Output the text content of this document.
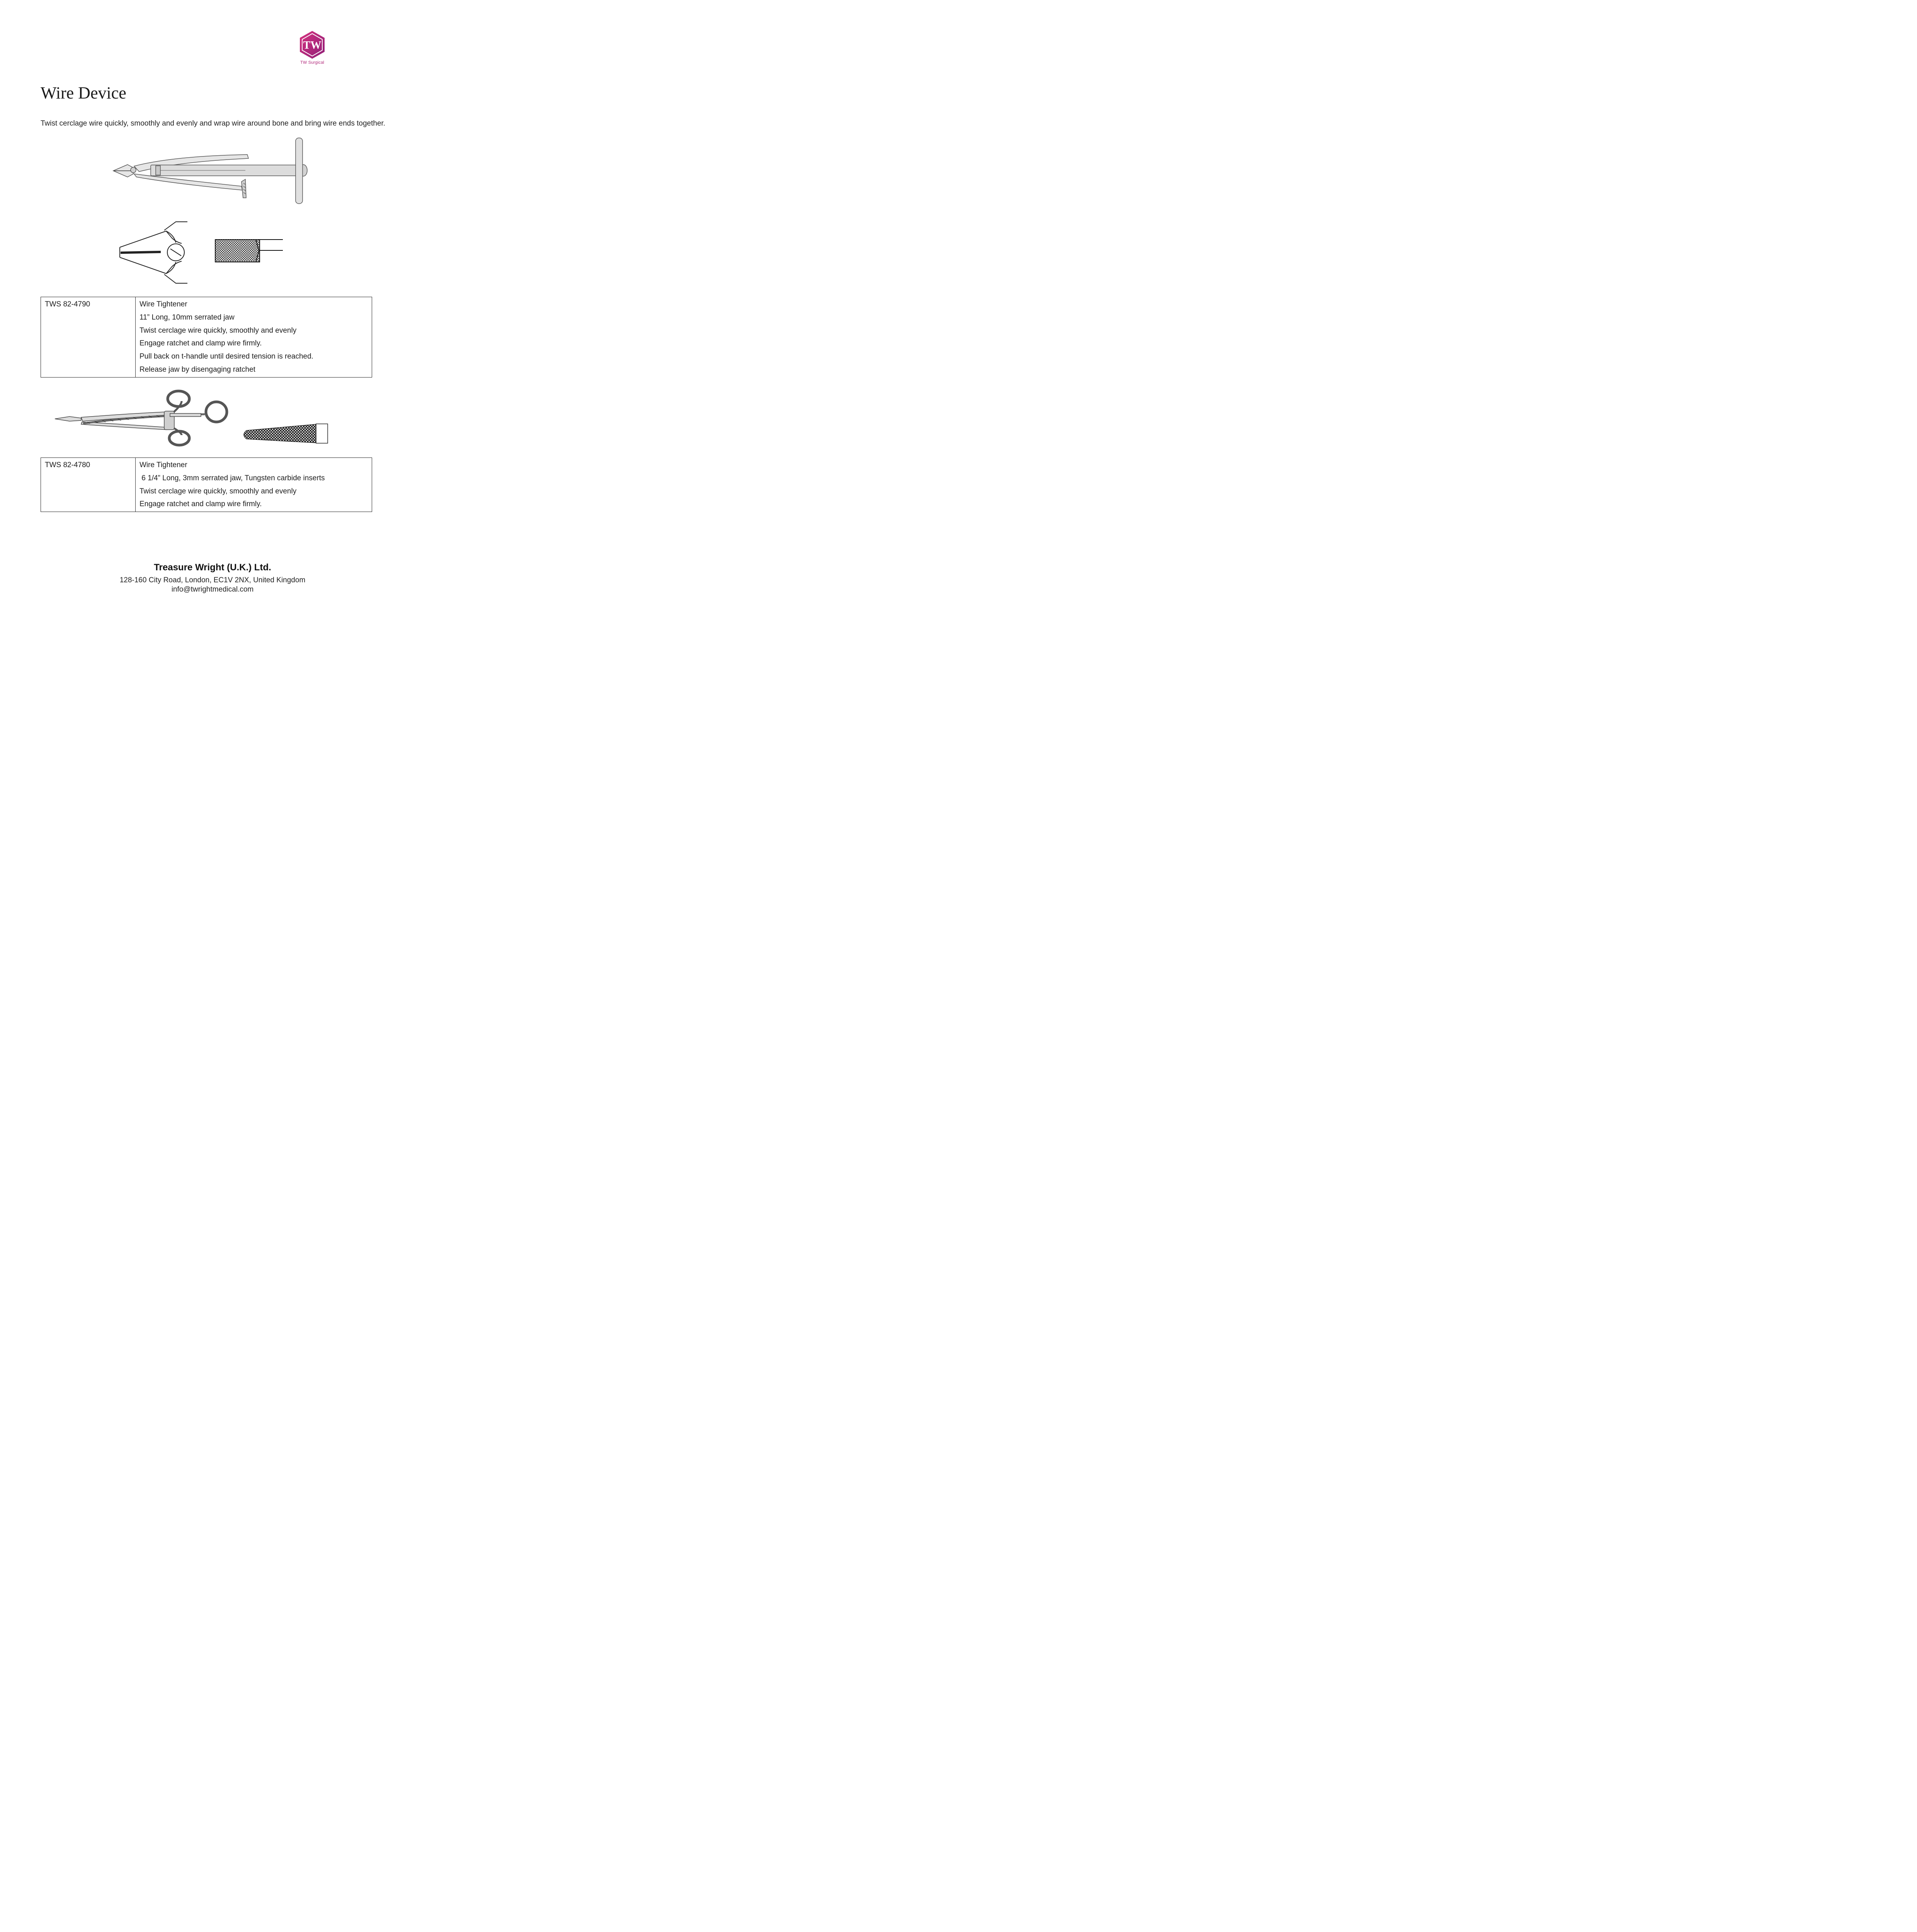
TW
TW Surgical
Wire Device

Twist cerclage wire quickly, smoothly and evenly and wrap wire around bone and bring wire ends together.

TWS 82-4790	Wire Tightener
11” Long, 10mm serrated jaw
Twist cerclage wire quickly, smoothly and evenly
Engage ratchet and clamp wire firmly.
Pull back on t-handle until desired tension is reached.
Release jaw by disengaging ratchet
TWS 82-4780	Wire Tightener
6 1/4” Long, 3mm serrated jaw, Tungsten carbide inserts
Twist cerclage wire quickly, smoothly and evenly
Engage ratchet and clamp wire firmly.
Treasure Wright (U.K.) Ltd.
128-160 City Road, London, EC1V 2NX, United Kingdom
info@twrightmedical.com
